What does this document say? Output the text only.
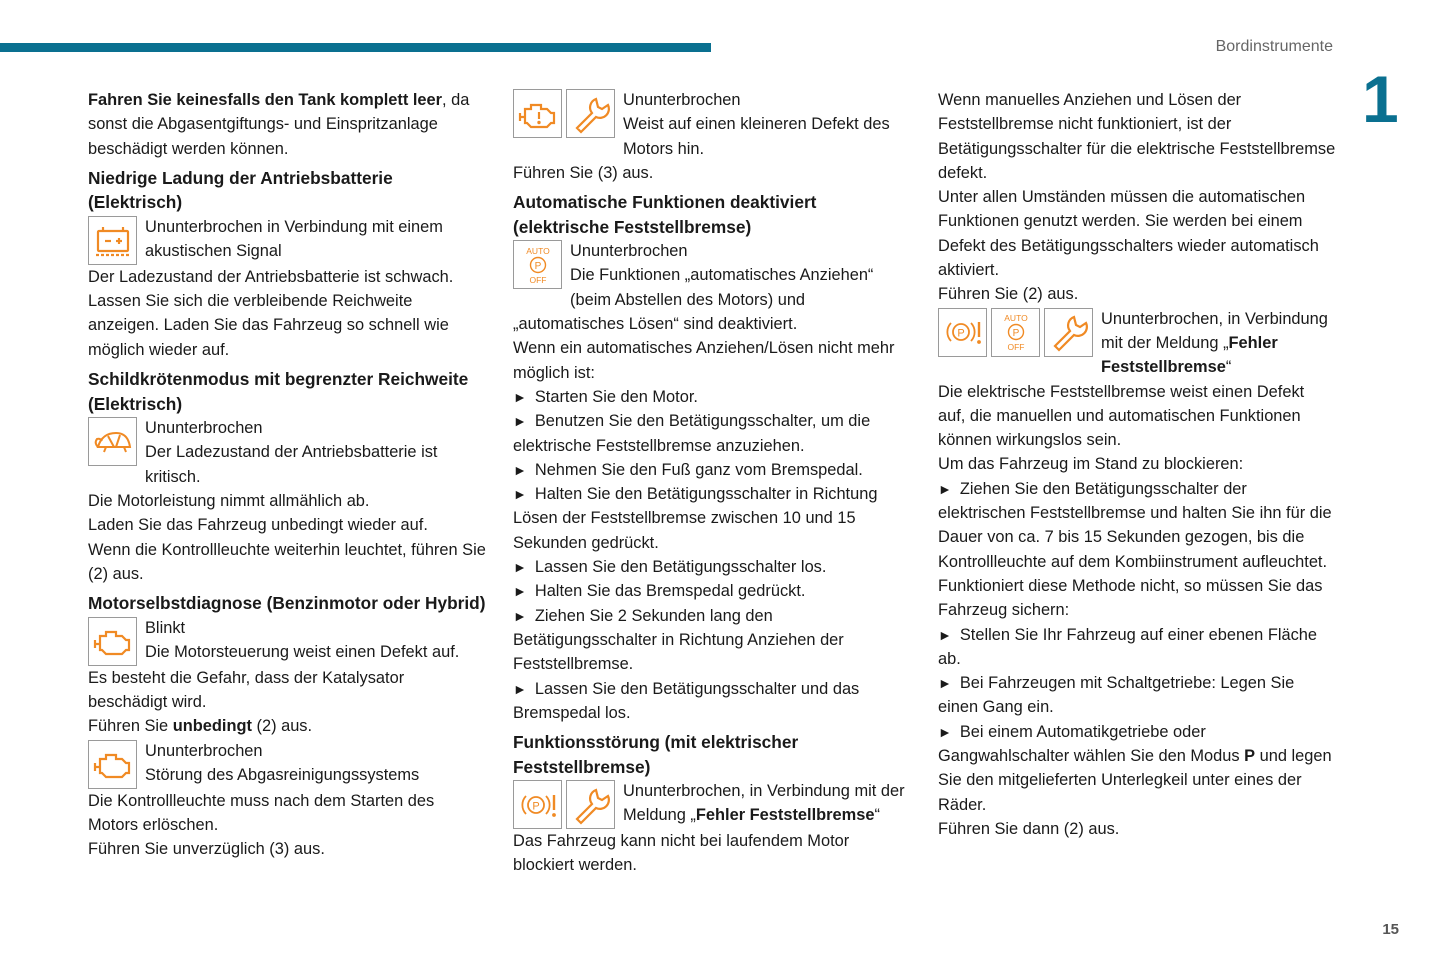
Bordinstrumente
1
15

Fahren Sie keinesfalls den Tank komplett leer, da sonst die Abgasentgiftungs- und Einspritzanlage beschädigt werden können.

Niedrige Ladung der Antriebsbatterie (Elektrisch)

Ununterbrochen in Verbindung mit einem akustischen Signal

Der Ladezustand der Antriebsbatterie ist schwach. Lassen Sie sich die verbleibende Reichweite anzeigen. Laden Sie das Fahrzeug so schnell wie möglich wieder auf.

Schildkrötenmodus mit begrenzter Reichweite (Elektrisch)

Ununterbrochen

Der Ladezustand der Antriebsbatterie ist kritisch.

Die Motorleistung nimmt allmählich ab.

Laden Sie das Fahrzeug unbedingt wieder auf.

Wenn die Kontrollleuchte weiterhin leuchtet, führen Sie (2) aus.

Motorselbstdiagnose (Benzinmotor oder Hybrid)

Blinkt

Die Motorsteuerung weist einen Defekt auf.

Es besteht die Gefahr, dass der Katalysator beschädigt wird.

Führen Sie unbedingt (2) aus.

Ununterbrochen

Störung des Abgasreinigungssystems

Die Kontrollleuchte muss nach dem Starten des Motors erlöschen.

Führen Sie unverzüglich (3) aus.

Ununterbrochen

Weist auf einen kleineren Defekt des Motors hin.

Führen Sie (3) aus.

Automatische Funktionen deaktiviert (elektrische Feststellbremse)
AUTO
P
OFF

Ununterbrochen

Die Funktionen „automatisches Anziehen“ (beim Abstellen des Motors) und „automatisches Lösen“ sind deaktiviert.

Wenn ein automatisches Anziehen/Lösen nicht mehr möglich ist:

► Starten Sie den Motor.

► Benutzen Sie den Betätigungsschalter, um die elektrische Feststellbremse anzuziehen.

► Nehmen Sie den Fuß ganz vom Bremspedal.

► Halten Sie den Betätigungsschalter in Richtung Lösen der Feststellbremse zwischen 10 und 15 Sekunden gedrückt.

► Lassen Sie den Betätigungsschalter los.

► Halten Sie das Bremspedal gedrückt.

► Ziehen Sie 2 Sekunden lang den Betätigungsschalter in Richtung Anziehen der Feststellbremse.

► Lassen Sie den Betätigungsschalter und das Bremspedal los.

Funktionsstörung (mit elektrischer Feststellbremse)
P

Ununterbrochen, in Verbindung mit der Meldung „Fehler Feststellbremse“

Das Fahrzeug kann nicht bei laufendem Motor blockiert werden.

Wenn manuelles Anziehen und Lösen der Feststellbremse nicht funktioniert, ist der Betätigungsschalter für die elektrische Feststellbremse defekt.

Unter allen Umständen müssen die automatischen Funktionen genutzt werden. Sie werden bei einem Defekt des Betätigungsschalters wieder automatisch aktiviert.

Führen Sie (2) aus.

P
AUTO
P
OFF

Ununterbrochen, in Verbindung mit der Meldung „Fehler Feststellbremse“

Die elektrische Feststellbremse weist einen Defekt auf, die manuellen und automatischen Funktionen können wirkungslos sein.

Um das Fahrzeug im Stand zu blockieren:

► Ziehen Sie den Betätigungsschalter der elektrischen Feststellbremse und halten Sie ihn für die Dauer von ca. 7 bis 15 Sekunden gezogen, bis die Kontrollleuchte auf dem Kombiinstrument aufleuchtet.

Funktioniert diese Methode nicht, so müssen Sie das Fahrzeug sichern:

► Stellen Sie Ihr Fahrzeug auf einer ebenen Fläche ab.

► Bei Fahrzeugen mit Schaltgetriebe: Legen Sie einen Gang ein.

► Bei einem Automatikgetriebe oder Gangwahlschalter wählen Sie den Modus P und legen Sie den mitgelieferten Unterlegkeil unter eines der Räder.

Führen Sie dann (2) aus.
